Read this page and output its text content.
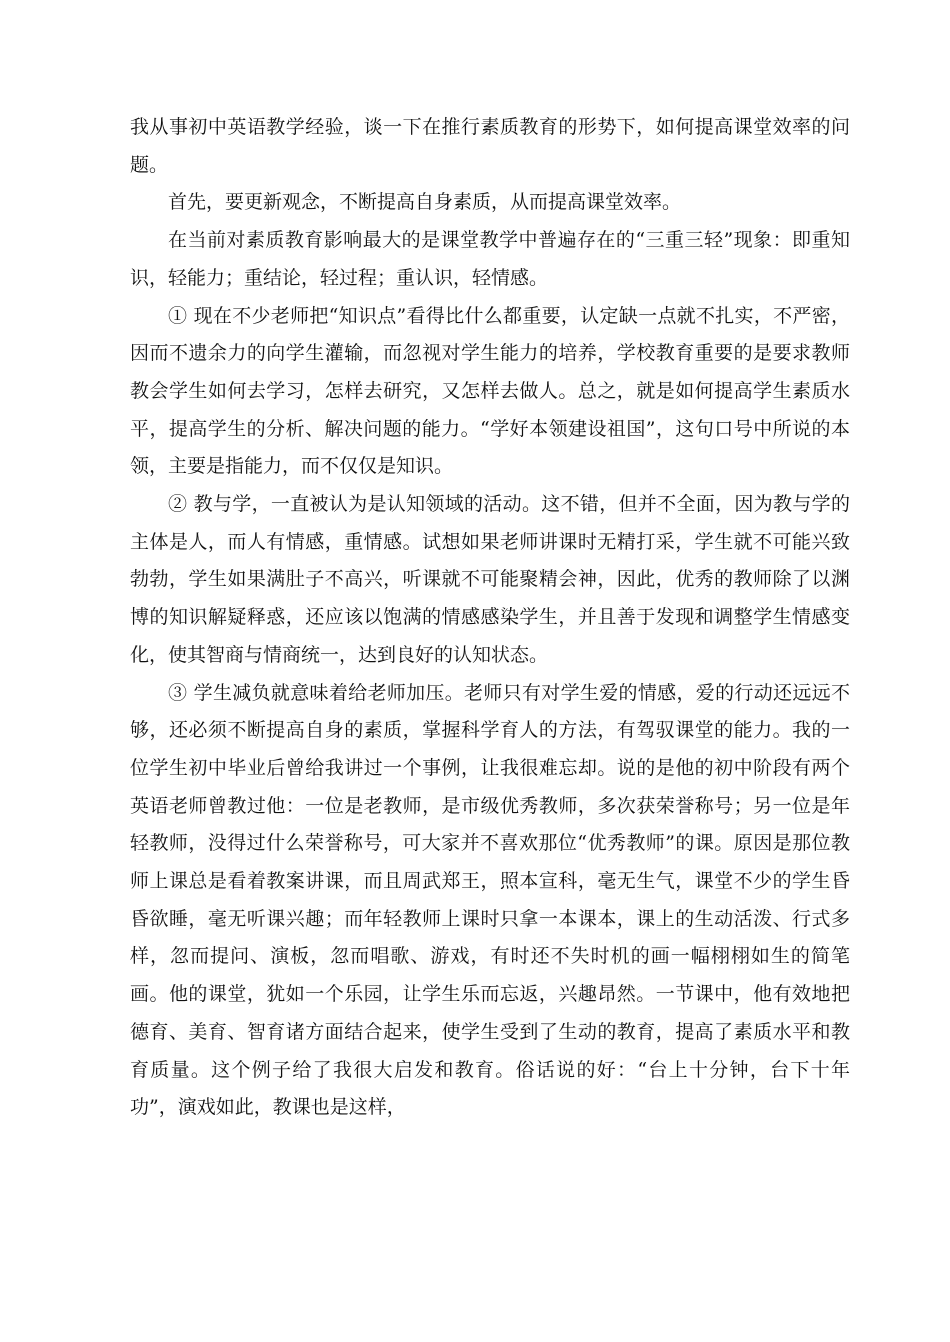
我从事初中英语教学经验，谈一下在推行素质教育的形势下，如何提高课堂效率的问题。

首先，要更新观念，不断提高自身素质，从而提高课堂效率。

在当前对素质教育影响最大的是课堂教学中普遍存在的“三重三轻”现象：即重知识，轻能力；重结论，轻过程；重认识，轻情感。

① 现在不少老师把“知识点”看得比什么都重要，认定缺一点就不扎实，不严密，因而不遗余力的向学生灌输，而忽视对学生能力的培养，学校教育重要的是要求教师教会学生如何去学习，怎样去研究，又怎样去做人。总之，就是如何提高学生素质水平，提高学生的分析、解决问题的能力。“学好本领建设祖国”，这句口号中所说的本领，主要是指能力，而不仅仅是知识。

② 教与学，一直被认为是认知领域的活动。这不错，但并不全面，因为教与学的主体是人，而人有情感，重情感。试想如果老师讲课时无精打采，学生就不可能兴致勃勃，学生如果满肚子不高兴，听课就不可能聚精会神，因此，优秀的教师除了以渊博的知识解疑释惑，还应该以饱满的情感感染学生，并且善于发现和调整学生情感变化，使其智商与情商统一，达到良好的认知状态。

③ 学生减负就意味着给老师加压。老师只有对学生爱的情感，爱的行动还远远不够，还必须不断提高自身的素质，掌握科学育人的方法，有驾驭课堂的能力。我的一位学生初中毕业后曾给我讲过一个事例，让我很难忘却。说的是他的初中阶段有两个英语老师曾教过他：一位是老教师，是市级优秀教师，多次获荣誉称号；另一位是年轻教师，没得过什么荣誉称号，可大家并不喜欢那位“优秀教师”的课。原因是那位教师上课总是看着教案讲课，而且周武郑王，照本宣科，毫无生气，课堂不少的学生昏昏欲睡，毫无听课兴趣；而年轻教师上课时只拿一本课本，课上的生动活泼、行式多样，忽而提问、演板，忽而唱歌、游戏，有时还不失时机的画一幅栩栩如生的简笔画。他的课堂，犹如一个乐园，让学生乐而忘返，兴趣昂然。一节课中，他有效地把德育、美育、智育诸方面结合起来，使学生受到了生动的教育，提高了素质水平和教育质量。这个例子给了我很大启发和教育。俗话说的好：“台上十分钟，台下十年功”，演戏如此，教课也是这样，
